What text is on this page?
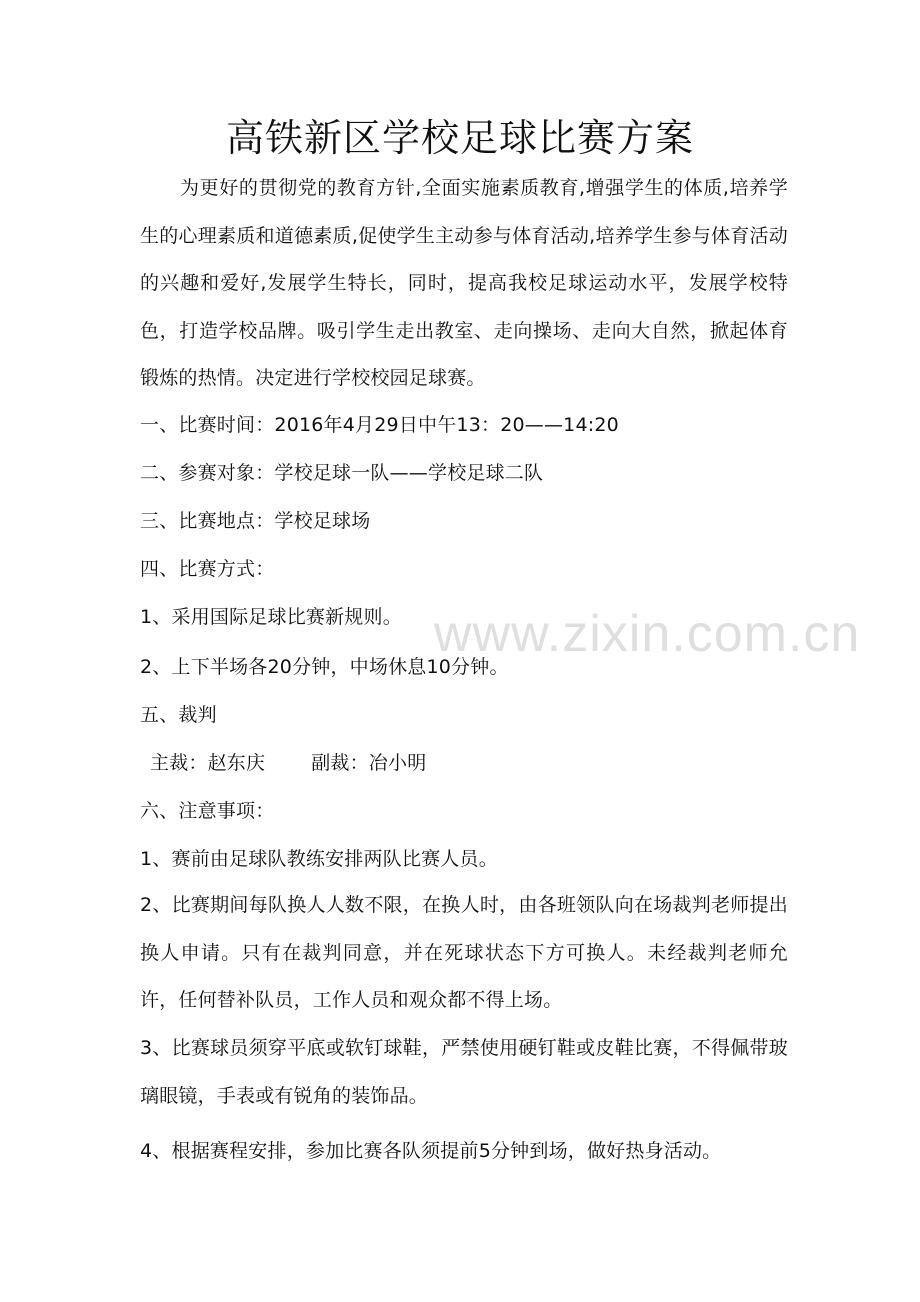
高铁新区学校足球比赛方案
为更好的贯彻党的教育方针,全面实施素质教育,增强学生的体质,培养学生的心理素质和道德素质,促使学生主动参与体育活动,培养学生参与体育活动的兴趣和爱好,发展学生特长，同时，提高我校足球运动水平，发展学校特色，打造学校品牌。吸引学生走出教室、走向操场、走向大自然，掀起体育锻炼的热情。决定进行学校校园足球赛。
一、比赛时间：2016年4月29日中午13：20——14:20
二、参赛对象：学校足球一队——学校足球二队
三、比赛地点：学校足球场
四、比赛方式：
1、采用国际足球比赛新规则。
2、上下半场各20分钟，中场休息10分钟。
五、裁判
主裁：赵东庆 副裁：冶小明
六、注意事项：
1、赛前由足球队教练安排两队比赛人员。
2、比赛期间每队换人人数不限，在换人时，由各班领队向在场裁判老师提出换人申请。只有在裁判同意，并在死球状态下方可换人。未经裁判老师允许，任何替补队员，工作人员和观众都不得上场。
3、比赛球员须穿平底或软钉球鞋，严禁使用硬钉鞋或皮鞋比赛，不得佩带玻璃眼镜，手表或有锐角的装饰品。
4、根据赛程安排，参加比赛各队须提前5分钟到场，做好热身活动。
www.zixin.com.cn
